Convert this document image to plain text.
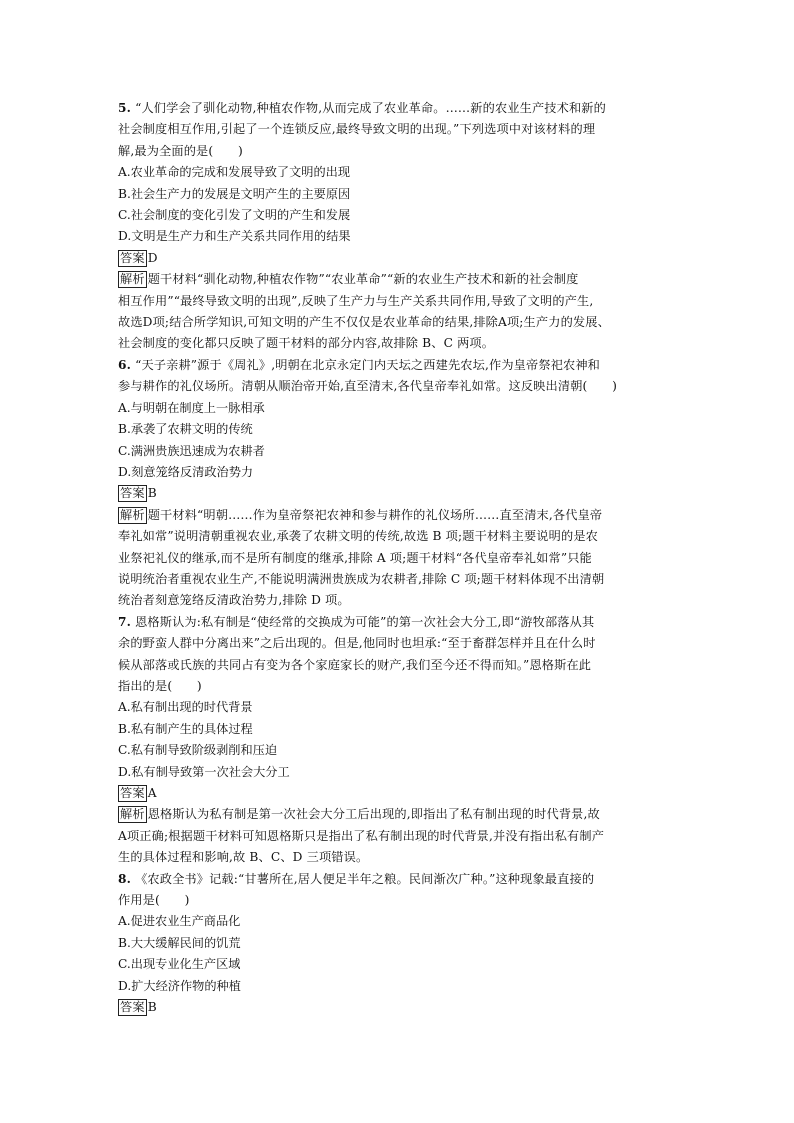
5. “人们学会了驯化动物,种植农作物,从而完成了农业革命。……新的农业生产技术和新的
社会制度相互作用,引起了一个连锁反应,最终导致文明的出现。”下列选项中对该材料的理
解,最为全面的是(　　)
A.农业革命的完成和发展导致了文明的出现
B.社会生产力的发展是文明产生的主要原因
C.社会制度的变化引发了文明的产生和发展
D.文明是生产力和生产关系共同作用的结果
答案 D
解析 题干材料“驯化动物,种植农作物”“农业革命”“新的农业生产技术和新的社会制度
相互作用”“最终导致文明的出现”,反映了生产力与生产关系共同作用,导致了文明的产生,
故选D项;结合所学知识,可知文明的产生不仅仅是农业革命的结果,排除A项;生产力的发展、
社会制度的变化都只反映了题干材料的部分内容,故排除 B、C 两项。
6. “天子亲耕”源于《周礼》,明朝在北京永定门内天坛之西建先农坛,作为皇帝祭祀农神和
参与耕作的礼仪场所。清朝从顺治帝开始,直至清末,各代皇帝奉礼如常。这反映出清朝(　　)
A.与明朝在制度上一脉相承
B.承袭了农耕文明的传统
C.满洲贵族迅速成为农耕者
D.刻意笼络反清政治势力
答案 B
解析 题干材料“明朝……作为皇帝祭祀农神和参与耕作的礼仪场所……直至清末,各代皇帝
奉礼如常”说明清朝重视农业,承袭了农耕文明的传统,故选 B 项;题干材料主要说明的是农
业祭祀礼仪的继承,而不是所有制度的继承,排除 A 项;题干材料“各代皇帝奉礼如常”只能
说明统治者重视农业生产,不能说明满洲贵族成为农耕者,排除 C 项;题干材料体现不出清朝
统治者刻意笼络反清政治势力,排除 D 项。
7. 恩格斯认为:私有制是“使经常的交换成为可能”的第一次社会大分工,即“游牧部落从其
余的野蛮人群中分离出来”之后出现的。但是,他同时也坦承:“至于畜群怎样并且在什么时
候从部落或氏族的共同占有变为各个家庭家长的财产,我们至今还不得而知。”恩格斯在此
指出的是(　　)
A.私有制出现的时代背景
B.私有制产生的具体过程
C.私有制导致阶级剥削和压迫
D.私有制导致第一次社会大分工
答案 A
解析 恩格斯认为私有制是第一次社会大分工后出现的,即指出了私有制出现的时代背景,故
A项正确;根据题干材料可知恩格斯只是指出了私有制出现的时代背景,并没有指出私有制产
生的具体过程和影响,故 B、C、D 三项错误。
8. 《农政全书》记载:“甘薯所在,居人便足半年之粮。民间渐次广种。”这种现象最直接的
作用是(　　)
A.促进农业生产商品化
B.大大缓解民间的饥荒
C.出现专业化生产区域
D.扩大经济作物的种植
答案 B
